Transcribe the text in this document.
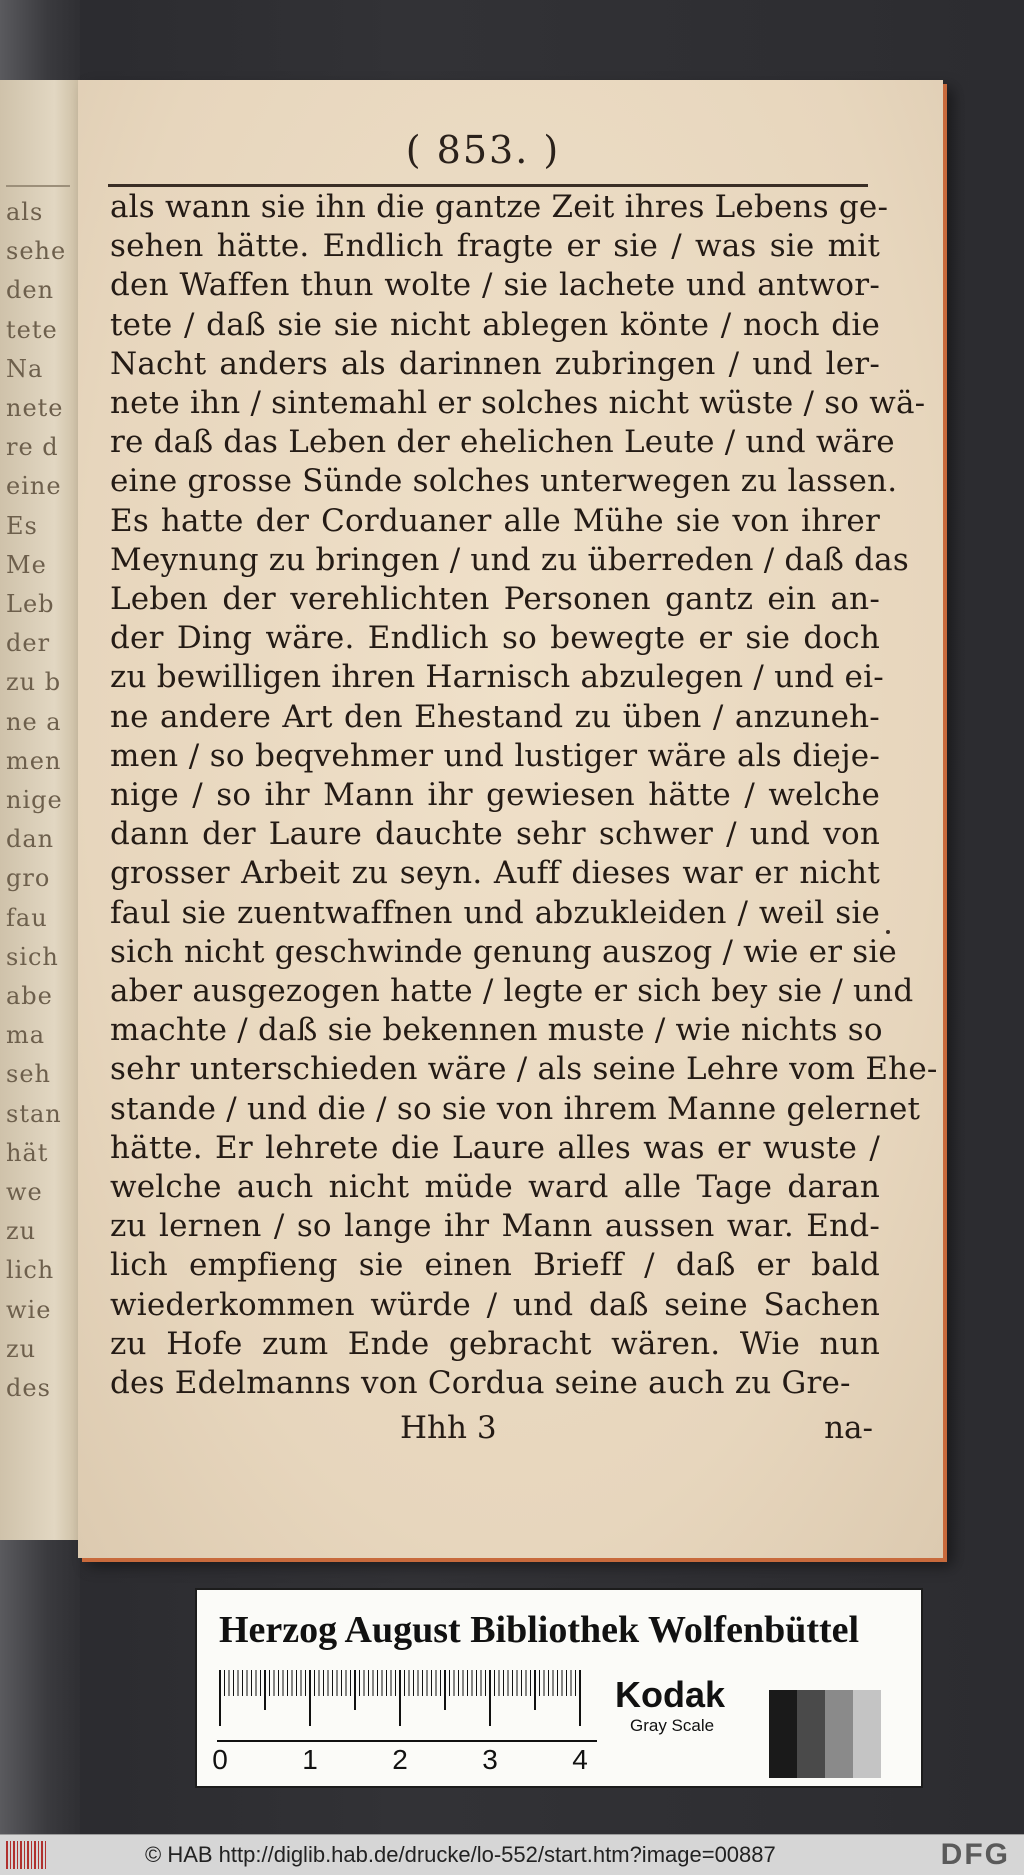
als
sehe
den
tete
Na
nete
re d
eine
Es
Me
Leb
der
zu b
ne a
men
nige
dan
gro
fau
sich
abe
ma
seh
stan
hät
we
zu
lich
wie
zu
des
( 853. )
als wann sie ihn die gantze Zeit ihres Lebens ge-
sehen hätte. Endlich fragte er sie / was sie mit
den Waffen thun wolte / sie lachete und antwor-
tete / daß sie sie nicht ablegen könte / noch die
Nacht anders als darinnen zubringen / und ler-
nete ihn / sintemahl er solches nicht wüste / so wä-
re daß das Leben der ehelichen Leute / und wäre
eine grosse Sünde solches unterwegen zu lassen.
Es hatte der Corduaner alle Mühe sie von ihrer
Meynung zu bringen / und zu überreden / daß das
Leben der verehlichten Personen gantz ein an-
der Ding wäre. Endlich so bewegte er sie doch
zu bewilligen ihren Harnisch abzulegen / und ei-
ne andere Art den Ehestand zu üben / anzuneh-
men / so beqvehmer und lustiger wäre als dieje-
nige / so ihr Mann ihr gewiesen hätte / welche
dann der Laure dauchte sehr schwer / und von
grosser Arbeit zu seyn. Auff dieses war er nicht
faul sie zuentwaffnen und abzukleiden / weil sie
sich nicht geschwinde genung auszog / wie er sie
aber ausgezogen hatte / legte er sich bey sie / und
machte / daß sie bekennen muste / wie nichts so
sehr unterschieden wäre / als seine Lehre vom Ehe-
stande / und die / so sie von ihrem Manne gelernet
hätte. Er lehrete die Laure alles was er wuste /
welche auch nicht müde ward alle Tage daran
zu lernen / so lange ihr Mann aussen war. End-
lich empfieng sie einen Brieff / daß er bald
wiederkommen würde / und daß seine Sachen
zu Hofe zum Ende gebracht wären. Wie nun
des Edelmanns von Cordua seine auch zu Gre-
Hhh 3	na-
Herzog August Bibliothek Wolfenbüttel
0	1	2	3	4
Kodak
Gray Scale
© HAB http://diglib.hab.de/drucke/lo-552/start.htm?image=00887	DFG
